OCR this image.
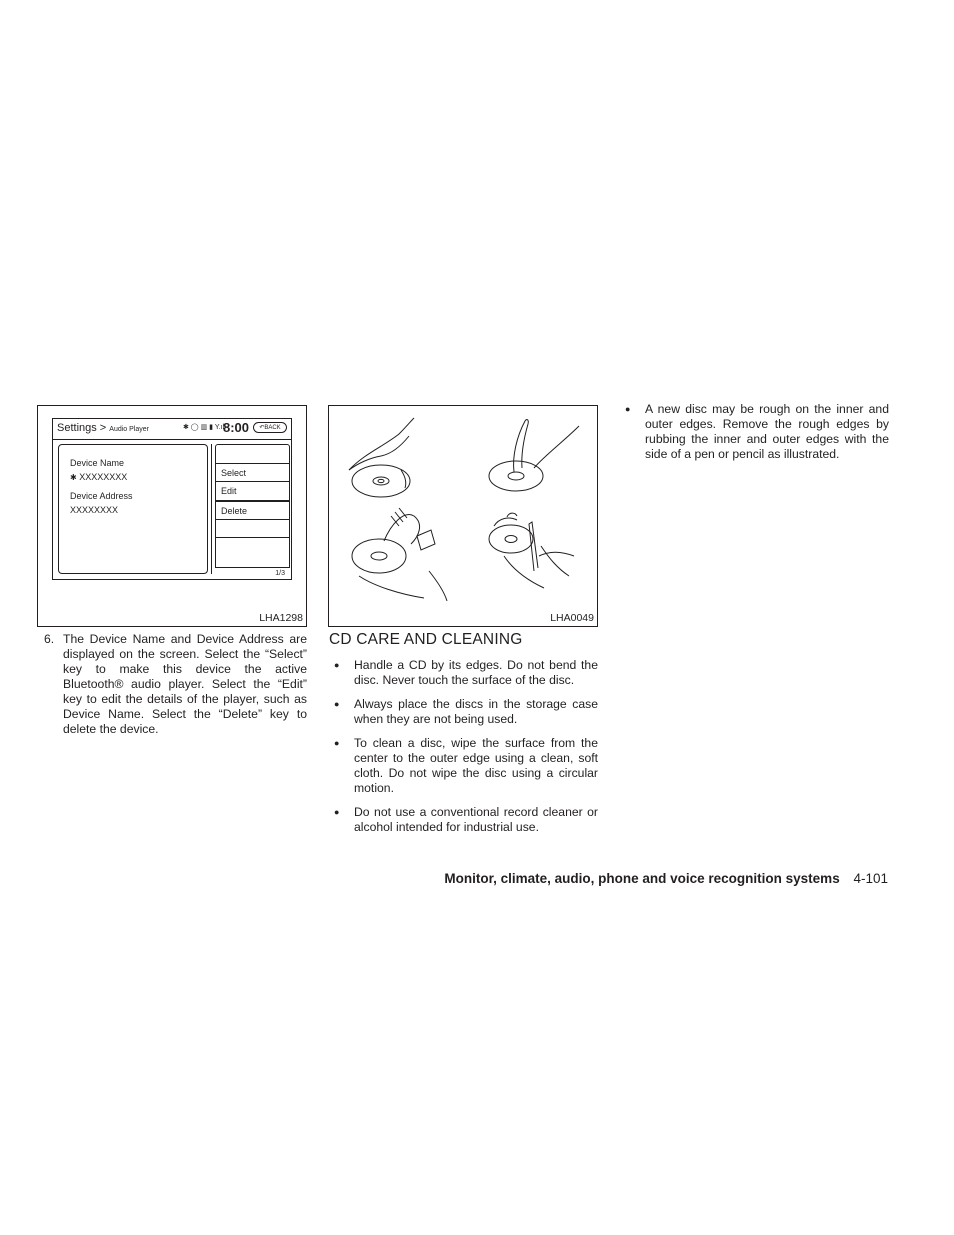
Settings > Audio Player	✱ ◯ ▥ ▮ Y.ıl
8:00	↶BACK
Device Name
✱ XXXXXXXX
Device Address
XXXXXXXX
Select
Edit
Delete
1/3
LHA1298	LHA0049
6. The Device Name and Device Address are displayed on the screen. Select the “Select” key to make this device the active Bluetooth® audio player. Select the “Edit” key to edit the details of the player, such as Device Name. Select the “Delete” key to delete the device.
CD CARE AND CLEANING
● Handle a CD by its edges. Do not bend the disc. Never touch the surface of the disc.
● Always place the discs in the storage case when they are not being used.
● To clean a disc, wipe the surface from the center to the outer edge using a clean, soft cloth. Do not wipe the disc using a circular motion.
● Do not use a conventional record cleaner or alcohol intended for industrial use.
● A new disc may be rough on the inner and outer edges. Remove the rough edges by rubbing the inner and outer edges with the side of a pen or pencil as illustrated.
Monitor, climate, audio, phone and voice recognition systems 4-101
